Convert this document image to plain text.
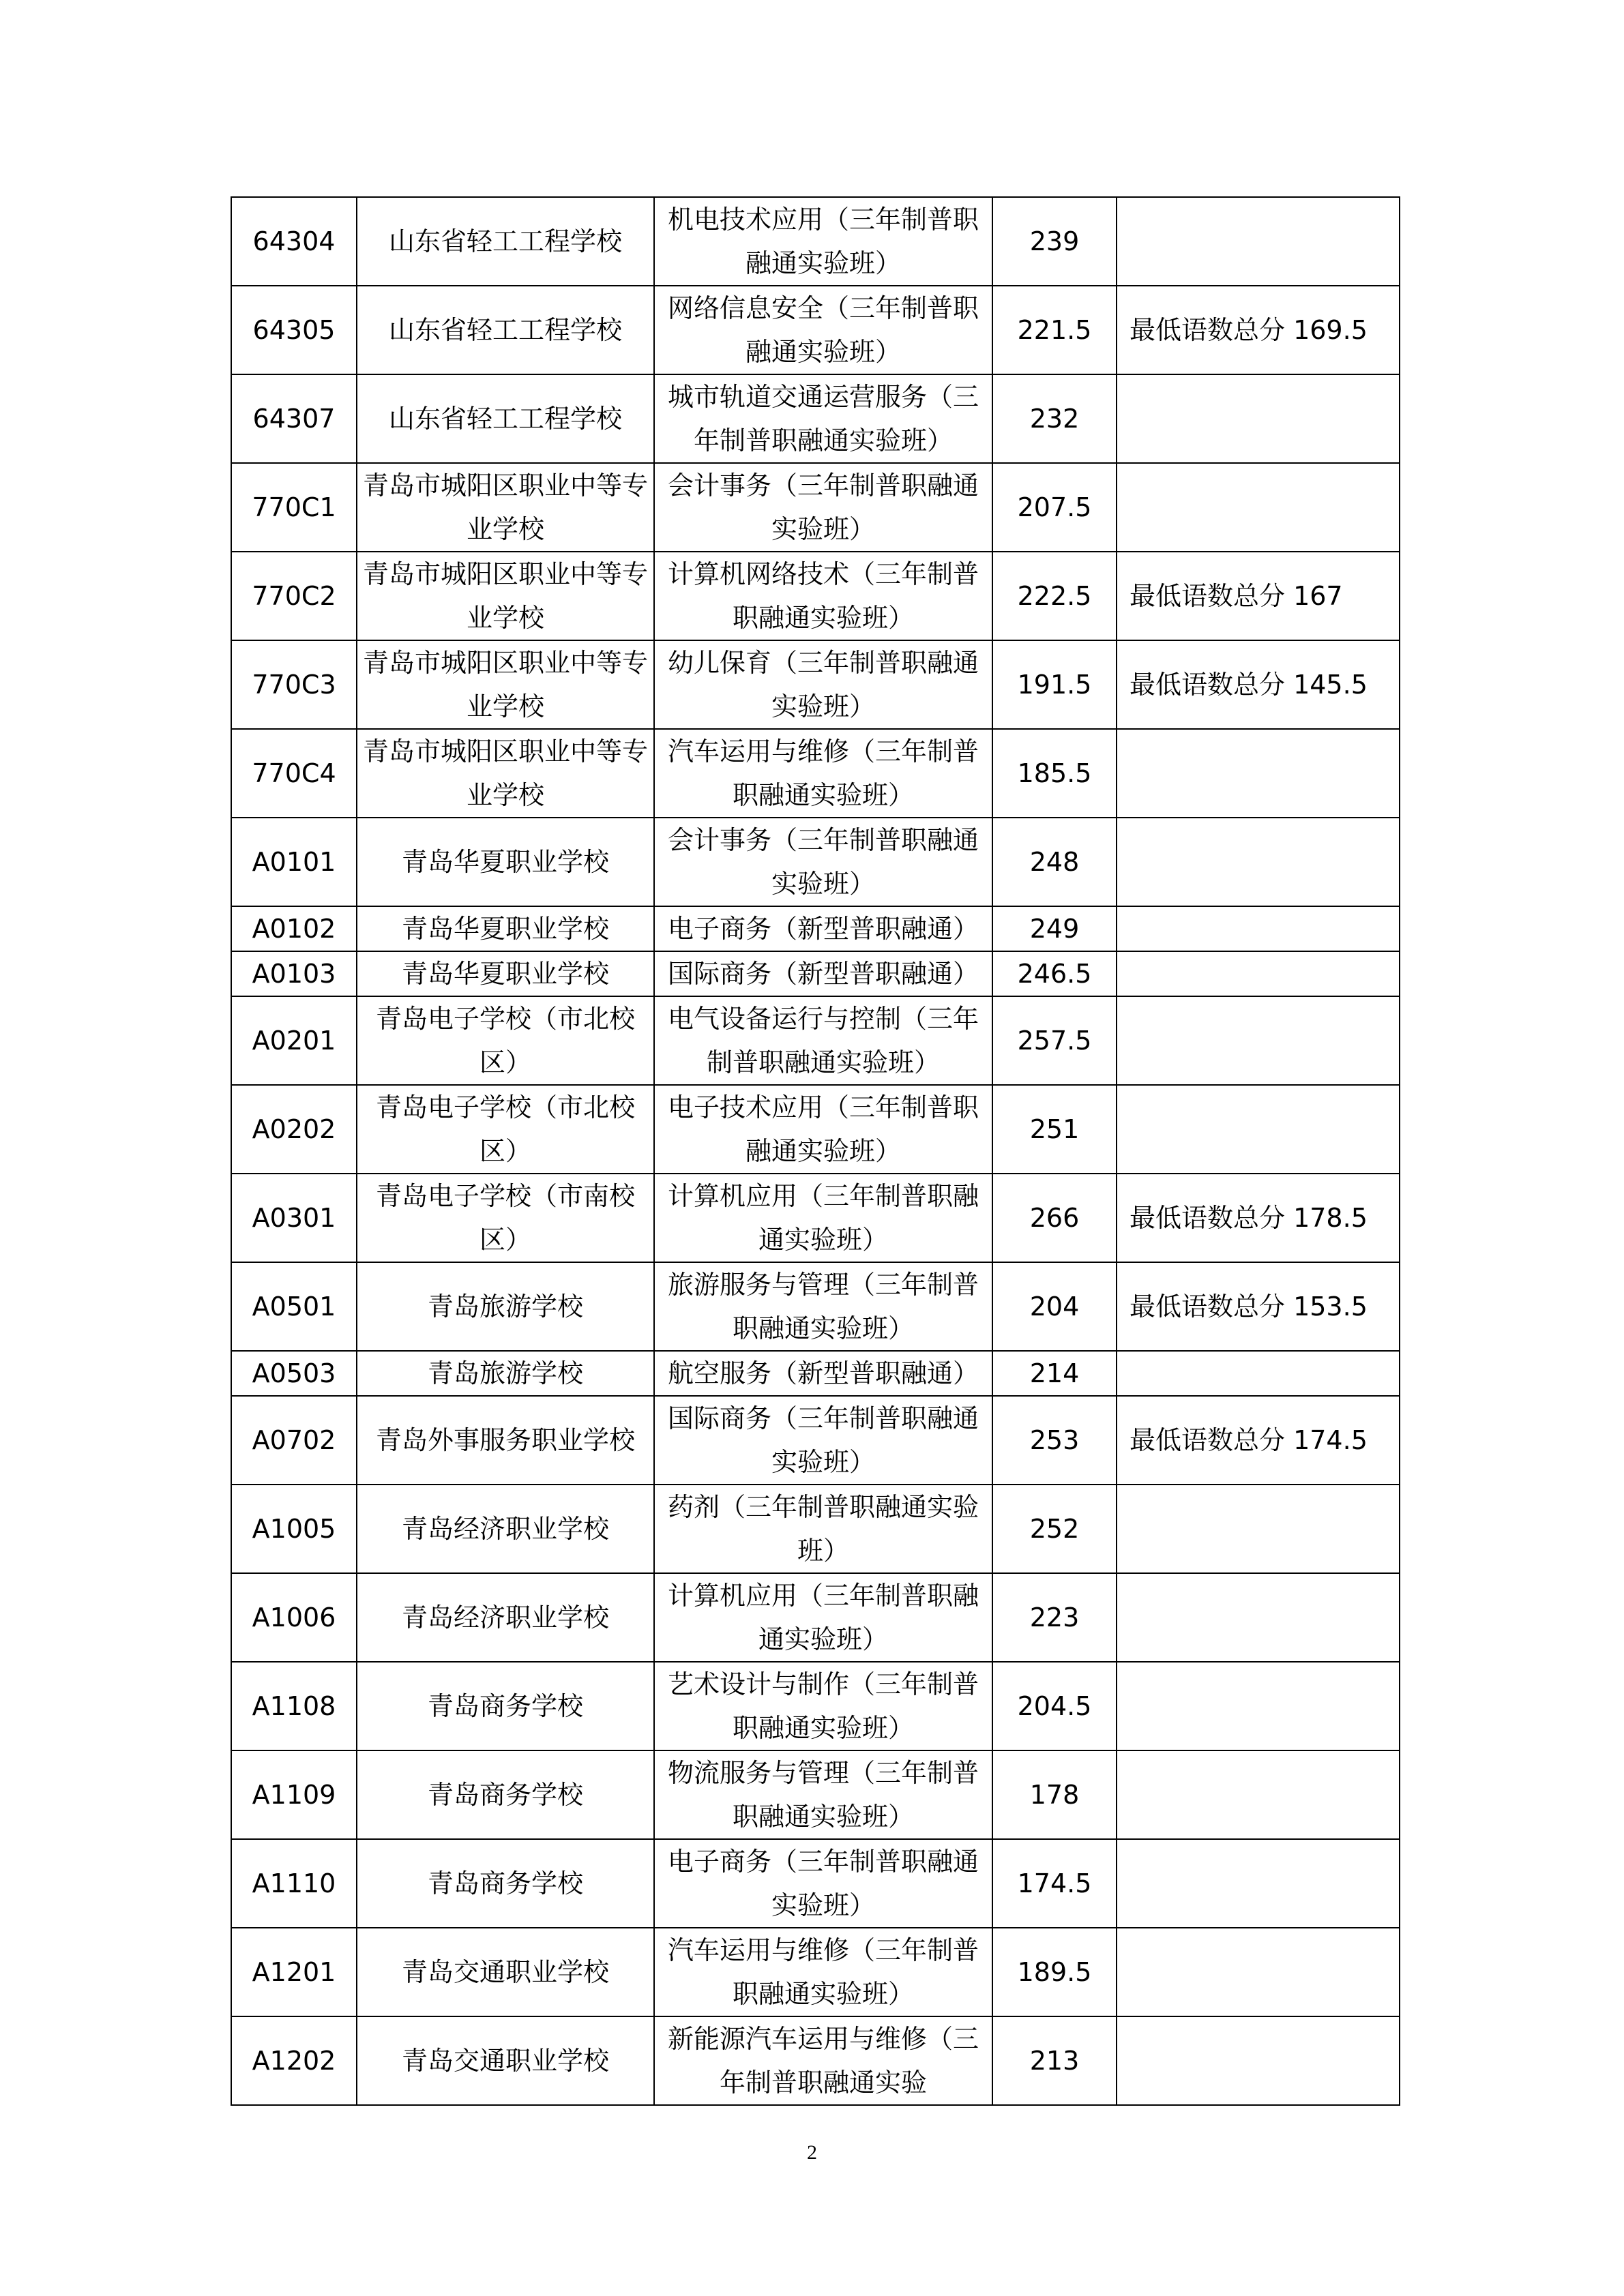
64304	山东省轻工工程学校	机电技术应用（三年制普职融通实验班）	239	
64305	山东省轻工工程学校	网络信息安全（三年制普职融通实验班）	221.5	最低语数总分 169.5
64307	山东省轻工工程学校	城市轨道交通运营服务（三年制普职融通实验班）	232	
770C1	青岛市城阳区职业中等专业学校	会计事务（三年制普职融通实验班）	207.5	
770C2	青岛市城阳区职业中等专业学校	计算机网络技术（三年制普职融通实验班）	222.5	最低语数总分 167
770C3	青岛市城阳区职业中等专业学校	幼儿保育（三年制普职融通实验班）	191.5	最低语数总分 145.5
770C4	青岛市城阳区职业中等专业学校	汽车运用与维修（三年制普职融通实验班）	185.5	
A0101	青岛华夏职业学校	会计事务（三年制普职融通实验班）	248	
A0102	青岛华夏职业学校	电子商务（新型普职融通）	249	
A0103	青岛华夏职业学校	国际商务（新型普职融通）	246.5	
A0201	青岛电子学校（市北校区）	电气设备运行与控制（三年制普职融通实验班）	257.5	
A0202	青岛电子学校（市北校区）	电子技术应用（三年制普职融通实验班）	251	
A0301	青岛电子学校（市南校区）	计算机应用（三年制普职融通实验班）	266	最低语数总分 178.5
A0501	青岛旅游学校	旅游服务与管理（三年制普职融通实验班）	204	最低语数总分 153.5
A0503	青岛旅游学校	航空服务（新型普职融通）	214	
A0702	青岛外事服务职业学校	国际商务（三年制普职融通实验班）	253	最低语数总分 174.5
A1005	青岛经济职业学校	药剂（三年制普职融通实验班）	252	
A1006	青岛经济职业学校	计算机应用（三年制普职融通实验班）	223	
A1108	青岛商务学校	艺术设计与制作（三年制普职融通实验班）	204.5	
A1109	青岛商务学校	物流服务与管理（三年制普职融通实验班）	178	
A1110	青岛商务学校	电子商务（三年制普职融通实验班）	174.5	
A1201	青岛交通职业学校	汽车运用与维修（三年制普职融通实验班）	189.5	
A1202	青岛交通职业学校	新能源汽车运用与维修（三年制普职融通实验	213	
2
